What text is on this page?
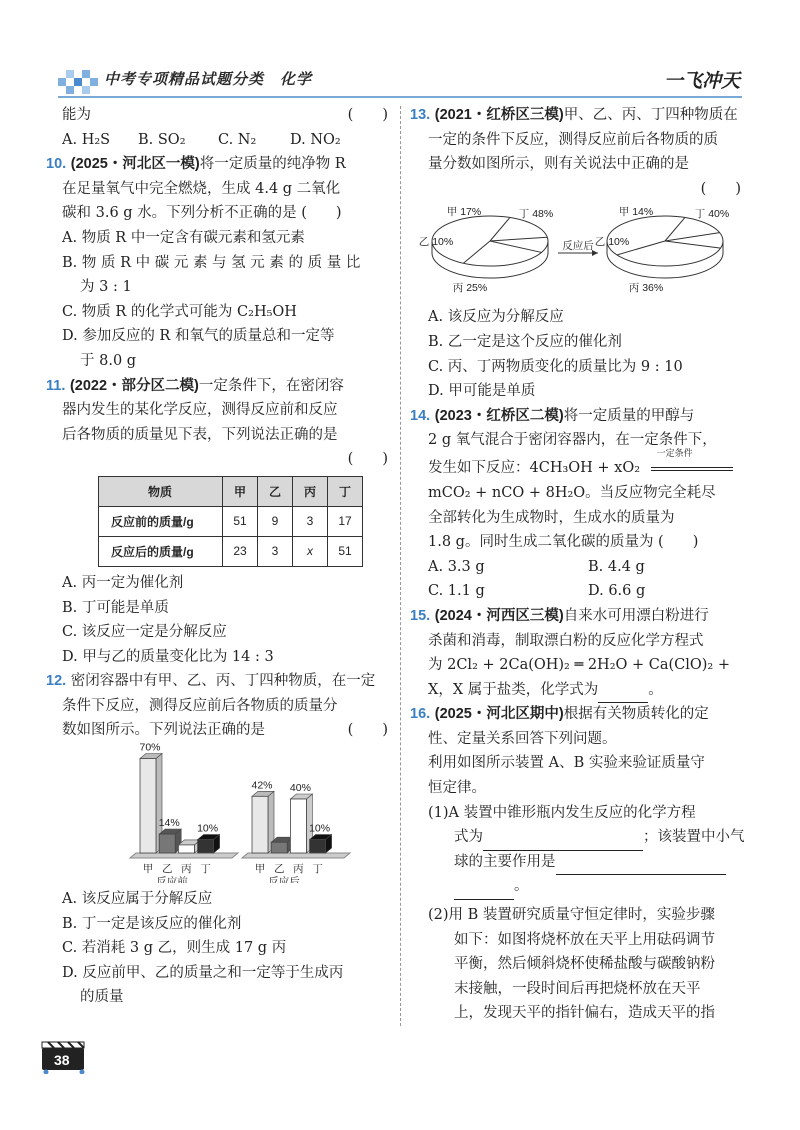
中考专项精品试题分类　化学	一飞冲天
能为	(　　)
A. H₂S B. SO₂ C. N₂ D. NO₂
10. (2025・河北区一模)将一定质量的纯净物 R
在足量氧气中完全燃烧，生成 4.4 g 二氧化
碳和 3.6 g 水。下列分析不正确的是 (　　)
A. 物质 R 中一定含有碳元素和氢元素
B. 物 质 R 中 碳 元 素 与 氢 元 素 的 质 量 比
为 3 : 1
C. 物质 R 的化学式可能为 C₂H₅OH
D. 参加反应的 R 和氧气的质量总和一定等
于 8.0 g
11. (2022・部分区二模)一定条件下，在密闭容
器内发生的某化学反应，测得反应前和反应
后各物质的质量见下表，下列说法正确的是
(　　)
物质	甲	乙	丙	丁
反应前的质量/g	51	9	3	17
反应后的质量/g	23	3	x	51
A. 丙一定为催化剂
B. 丁可能是单质
C. 该反应一定是分解反应
D. 甲与乙的质量变化比为 14 : 3
12. 密闭容器中有甲、乙、丙、丁四种物质，在一定
条件下反应，测得反应前后各物质的质量分
数如图所示。下列说法正确的是	(　　)
70%
甲
14%
乙 丙
10%
丁
反应前
42%
甲 乙
40%
丙
10%
丁
反应后
A. 该反应属于分解反应
B. 丁一定是该反应的催化剂
C. 若消耗 3 g 乙，则生成 17 g 丙
D. 反应前甲、乙的质量之和一定等于生成丙
的质量
13. (2021・红桥区三模)甲、乙、丙、丁四种物质在
一定的条件下反应，测得反应前后各物质的质
量分数如图所示，则有关说法中正确的是
(　　)
甲 17%
乙 10%
丙 25%
丁 48%	甲 14%
乙 10%
丙 36%
丁 40%
反应后
A. 该反应为分解反应
B. 乙一定是这个反应的催化剂
C. 丙、丁两物质变化的质量比为 9 : 10
D. 甲可能是单质
14. (2023・红桥区二模)将一定质量的甲醇与
2 g 氧气混合于密闭容器内，在一定条件下，
发生如下反应：4CH₃OH + xO₂
一定条件
mCO₂ + nCO + 8H₂O。当反应物完全耗尽
全部转化为生成物时，生成水的质量为
1.8 g。同时生成二氧化碳的质量为 (　　)
A. 3.3 g	B. 4.4 g
C. 1.1 g	D. 6.6 g
15. (2024・河西区三模)自来水可用漂白粉进行
杀菌和消毒，制取漂白粉的反应化学方程式
为 2Cl₂ + 2Ca(OH)₂ ═ 2H₂O + Ca(ClO)₂ +
X，X 属于盐类，化学式为	。
16. (2025・河北区期中)根据有关物质转化的定
性、定量关系回答下列问题。
利用如图所示装置 A、B 实验来验证质量守
恒定律。
(1)A 装置中锥形瓶内发生反应的化学方程
式为	；该装置中小气
球的主要作用是
。
(2)用 B 装置研究质量守恒定律时，实验步骤
如下：如图将烧杯放在天平上用砝码调节
平衡，然后倾斜烧杯使稀盐酸与碳酸钠粉
末接触，一段时间后再把烧杯放在天平
上，发现天平的指针偏右，造成天平的指
38
